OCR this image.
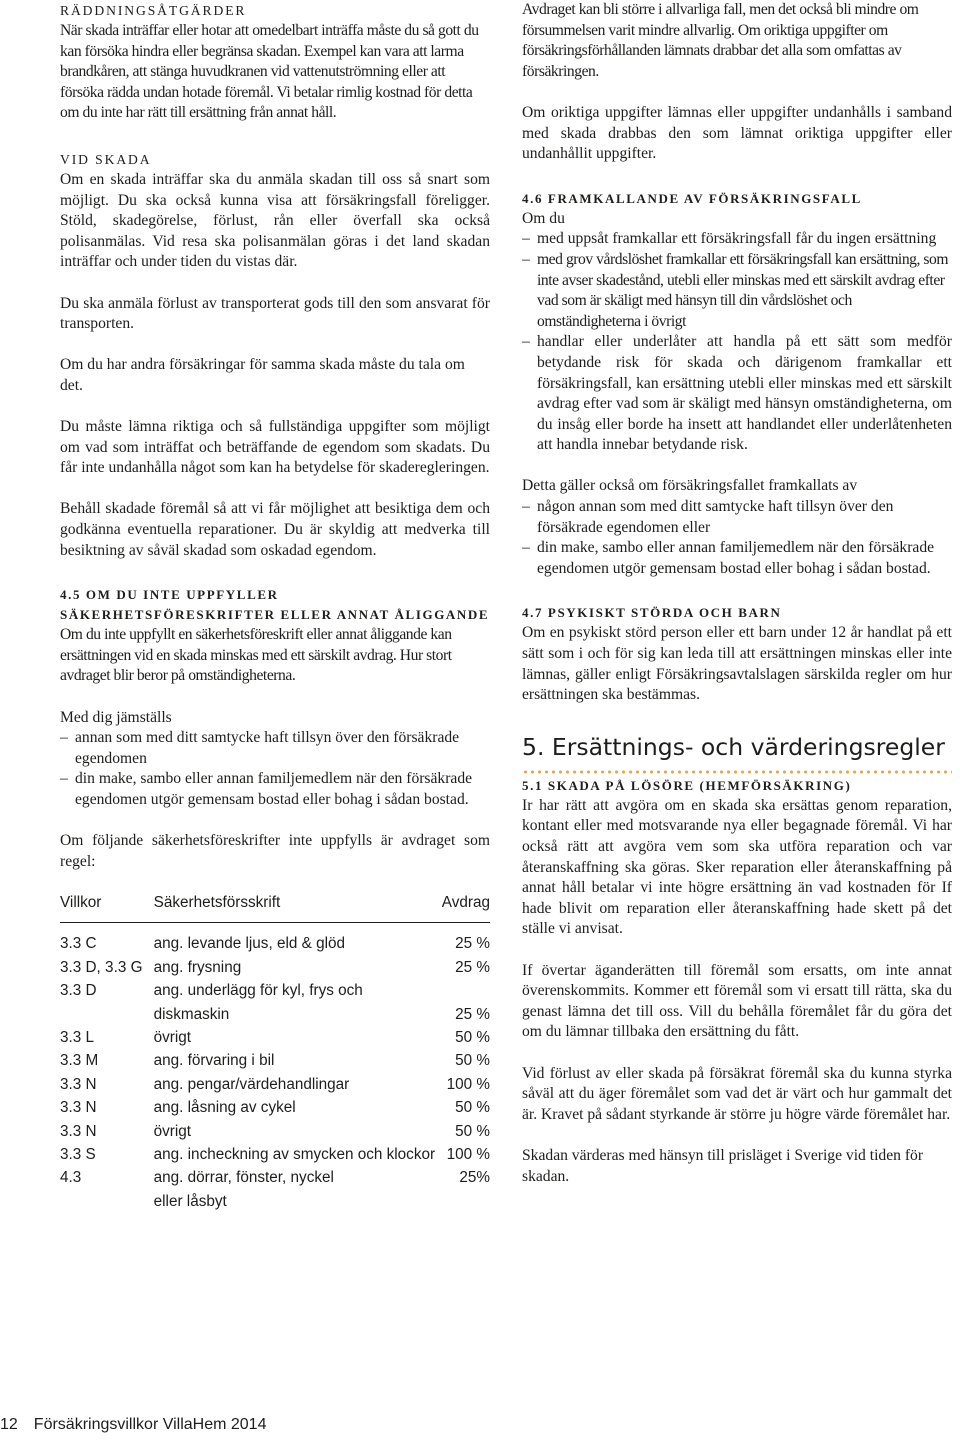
RÄDDNINGSÅTGÄRDER

När skada inträffar eller hotar att omedelbart inträffa måste du så gott du kan försöka hindra eller begränsa skadan. Exempel kan vara att larma brandkåren, att stänga huvudkranen vid vattenutströmning eller att försöka rädda undan hotade föremål. Vi betalar rimlig kostnad för detta om du inte har rätt till ersättning från annat håll.

VID SKADA

Om en skada inträffar ska du anmäla skadan till oss så snart som möjligt. Du ska också kunna visa att försäkringsfall föreligger. Stöld, skadegörelse, förlust, rån eller överfall ska också polisanmälas. Vid resa ska polisanmälan göras i det land skadan inträffar och under tiden du vistas där.

Du ska anmäla förlust av transporterat gods till den som ansvarat för transporten.

Om du har andra försäkringar för samma skada måste du tala om det.

Du måste lämna riktiga och så fullständiga uppgifter som möjligt om vad som inträffat och beträffande de egendom som skadats. Du får inte undanhålla något som kan ha betydelse för skaderegleringen.

Behåll skadade föremål så att vi får möjlighet att besiktiga dem och godkänna eventuella reparationer. Du är skyldig att medverka till besiktning av såväl skadad som oskadad egendom.

4.5 OM DU INTE UPPFYLLER SÄKERHETSFÖRESKRIFTER ELLER ANNAT ÅLIGGANDE

Om du inte uppfyllt en säkerhetsföreskrift eller annat åliggande kan ersättningen vid en skada minskas med ett särskilt avdrag. Hur stort avdraget blir beror på omständigheterna.

Med dig jämställs

– annan som med ditt samtycke haft tillsyn över den försäkrade egendomen
– din make, sambo eller annan familjemedlem när den försäkrade egendomen utgör gemensam bostad eller bohag i sådan bostad.

Om följande säkerhetsföreskrifter inte uppfylls är avdraget som regel:

Villkor	Säkerhetsförsskrift	Avdrag

3.3 C	ang. levande ljus, eld & glöd	25 %
3.3 D, 3.3 G	ang. frysning	25 %
3.3 D	ang. underlägg för kyl, frys och diskmaskin	25 %
3.3 L	övrigt	50 %
3.3 M	ang. förvaring i bil	50 %
3.3 N	ang. pengar/värdehandlingar	100 %
3.3 N	ang. låsning av cykel	50 %
3.3 N	övrigt	50 %
3.3 S	ang. incheckning av smycken och klockor	100 %
4.3	ang. dörrar, fönster, nyckel eller låsbyt	25%

Avdraget kan bli större i allvarliga fall, men det också bli mindre om försummelsen varit mindre allvarlig. Om oriktiga uppgifter om försäkringsförhållanden lämnats drabbar det alla som omfattas av försäkringen.

Om oriktiga uppgifter lämnas eller uppgifter undanhålls i samband med skada drabbas den som lämnat oriktiga uppgifter eller undanhållit uppgifter.

4.6 FRAMKALLANDE AV FÖRSÄKRINGSFALL

Om du

– med uppsåt framkallar ett försäkringsfall får du ingen ersättning
– med grov vårdslöshet framkallar ett försäkringsfall kan ersättning, som inte avser skadestånd, utebli eller minskas med ett särskilt avdrag efter vad som är skäligt med hänsyn till din vårdslöshet och omständigheterna i övrigt
– handlar eller underlåter att handla på ett sätt som medför betydande risk för skada och därigenom framkallar ett försäkringsfall, kan ersättning utebli eller minskas med ett särskilt avdrag efter vad som är skäligt med hänsyn omständigheterna, om du insåg eller borde ha insett att handlandet eller underlåtenheten att handla innebar betydande risk.

Detta gäller också om försäkringsfallet framkallats av

– någon annan som med ditt samtycke haft tillsyn över den försäkrade egendomen eller
– din make, sambo eller annan familjemedlem när den försäkrade egendomen utgör gemensam bostad eller bohag i sådan bostad.
4.7 PSYKISKT STÖRDA OCH BARN

Om en psykiskt störd person eller ett barn under 12 år handlat på ett sätt som i och för sig kan leda till att ersättningen minskas eller inte lämnas, gäller enligt Försäkringsavtalslagen särskilda regler om hur ersättningen ska bestämmas.

5. Ersättnings- och värderingsregler
5.1 SKADA PÅ LÖSÖRE (HEMFÖRSÄKRING)

Ir har rätt att avgöra om en skada ska ersättas genom reparation, kontant eller med motsvarande nya eller begagnade föremål. Vi har också rätt att avgöra vem som ska utföra reparation och var återanskaffning ska göras. Sker reparation eller återanskaffning på annat håll betalar vi inte högre ersättning än vad kostnaden för If hade blivit om reparation eller återanskaffning hade skett på det ställe vi anvisat.

If övertar äganderätten till föremål som ersatts, om inte annat överenskommits. Kommer ett föremål som vi ersatt till rätta, ska du genast lämna det till oss. Vill du behålla föremålet får du göra det om du lämnar tillbaka den ersättning du fått.

Vid förlust av eller skada på försäkrat föremål ska du kunna styrka såväl att du äger föremålet som vad det är värt och hur gammalt det är. Kravet på sådant styrkande är större ju högre värde föremålet har.

Skadan värderas med hänsyn till prisläget i Sverige vid tiden för skadan.

12 Försäkringsvillkor VillaHem 2014
